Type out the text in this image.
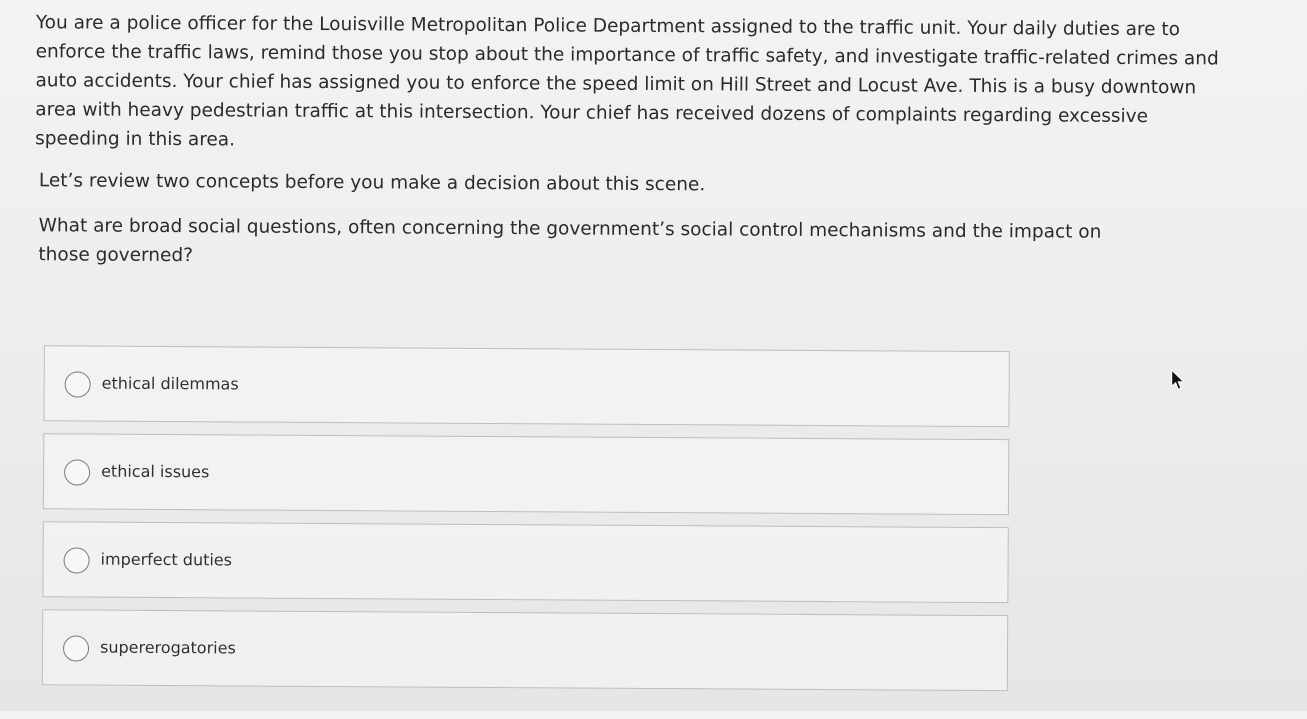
You are a police officer for the Louisville Metropolitan Police Department assigned to the traffic unit. Your daily duties are to enforce the traffic laws, remind those you stop about the importance of traffic safety, and investigate traffic-related crimes and auto accidents. Your chief has assigned you to enforce the speed limit on Hill Street and Locust Ave. This is a busy downtown area with heavy pedestrian traffic at this intersection. Your chief has received dozens of complaints regarding excessive speeding in this area.

Let’s review two concepts before you make a decision about this scene.

What are broad social questions, often concerning the government’s social control mechanisms and the impact on those governed?

ethical dilemmas
ethical issues
imperfect duties
supererogatories
